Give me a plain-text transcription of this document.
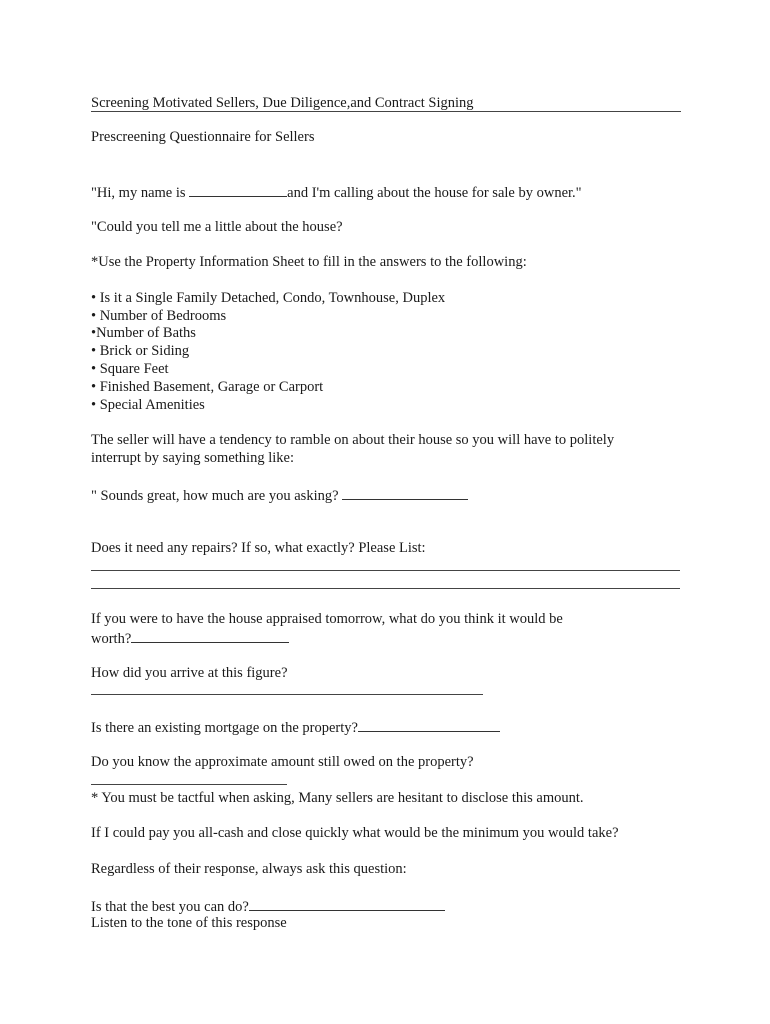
Screening Motivated Sellers, Due Diligence,and Contract Signing
Prescreening Questionnaire for Sellers
"Hi, my name is	and I'm calling about the house for sale by owner."
"Could you tell me a little about the house?
*Use the Property Information Sheet to fill in the answers to the following:
• Is it a Single Family Detached, Condo, Townhouse, Duplex
• Number of Bedrooms
•Number of Baths
• Brick or Siding
• Square Feet
• Finished Basement, Garage or Carport
• Special Amenities
The seller will have a tendency to ramble on about their house so you will have to politely
interrupt by saying something like:
" Sounds great, how much are you asking?
Does it need any repairs? If so, what exactly? Please List:
If you were to have the house appraised tomorrow, what do you think it would be
worth?
How did you arrive at this figure?
Is there an existing mortgage on the property?
Do you know the approximate amount still owed on the property?
* You must be tactful when asking, Many sellers are hesitant to disclose this amount.
If I could pay you all-cash and close quickly what would be the minimum you would take?
Regardless of their response, always ask this question:
Is that the best you can do?
Listen to the tone of this response
